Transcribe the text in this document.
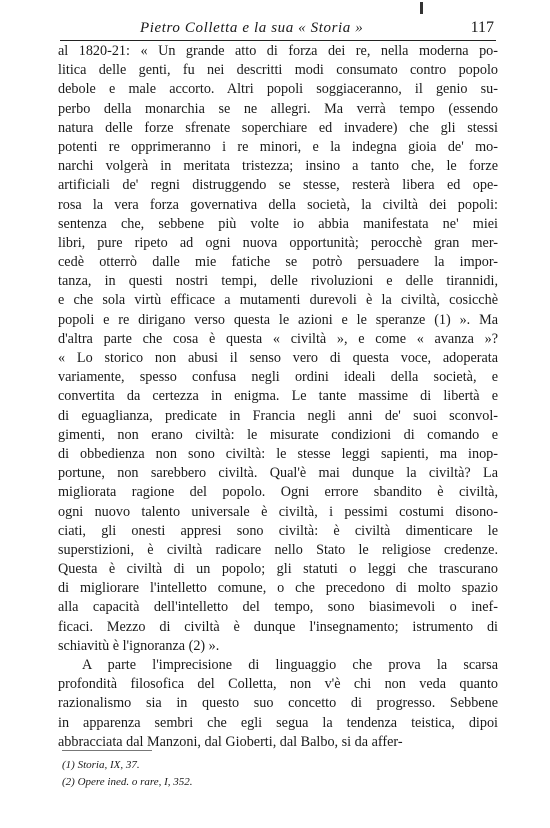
Pietro Colletta e la sua « Storia »	117
al 1820-21: « Un grande atto di forza dei re, nella moderna po-
litica delle genti, fu nei descritti modi consumato contro popolo
debole e male accorto. Altri popoli soggiaceranno, il genio su-
perbo della monarchia se ne allegri. Ma verrà tempo (essendo
natura delle forze sfrenate soperchiare ed invadere) che gli stessi
potenti re opprimeranno i re minori, e la indegna gioia de' mo-
narchi volgerà in meritata tristezza; insino a tanto che, le forze
artificiali de' regni distruggendo se stesse, resterà libera ed ope-
rosa la vera forza governativa della società, la civiltà dei popoli:
sentenza che, sebbene più volte io abbia manifestata ne' miei
libri, pure ripeto ad ogni nuova opportunità; perocchè gran mer-
cedè otterrò dalle mie fatiche se potrò persuadere la impor-
tanza, in questi nostri tempi, delle rivoluzioni e delle tirannidi,
e che sola virtù efficace a mutamenti durevoli è la civiltà, cosicchè
popoli e re dirigano verso questa le azioni e le speranze (1) ». Ma
d'altra parte che cosa è questa « civiltà », e come « avanza »?
« Lo storico non abusi il senso vero di questa voce, adoperata
variamente, spesso confusa negli ordini ideali della società, e
convertita da certezza in enigma. Le tante massime di libertà e
di eguaglianza, predicate in Francia negli anni de' suoi sconvol-
gimenti, non erano civiltà: le misurate condizioni di comando e
di obbedienza non sono civiltà: le stesse leggi sapienti, ma inop-
portune, non sarebbero civiltà. Qual'è mai dunque la civiltà? La
migliorata ragione del popolo. Ogni errore sbandito è civiltà,
ogni nuovo talento universale è civiltà, i pessimi costumi disono-
ciati, gli onesti appresi sono civiltà: è civiltà dimenticare le
superstizioni, è civiltà radicare nello Stato le religiose credenze.
Questa è civiltà di un popolo; gli statuti o leggi che trascurano
di migliorare l'intelletto comune, o che precedono di molto spazio
alla capacità dell'intelletto del tempo, sono biasimevoli o inef-
ficaci. Mezzo di civiltà è dunque l'insegnamento; istrumento di
schiavitù è l'ignoranza (2) ».
A parte l'imprecisione di linguaggio che prova la scarsa
profondità filosofica del Colletta, non v'è chi non veda quanto
razionalismo sia in questo suo concetto di progresso. Sebbene
in apparenza sembri che egli segua la tendenza teistica, dipoi
abbracciata dal Manzoni, dal Gioberti, dal Balbo, si da affer-
(1) Storia, IX, 37.
(2) Opere ined. o rare, I, 352.
